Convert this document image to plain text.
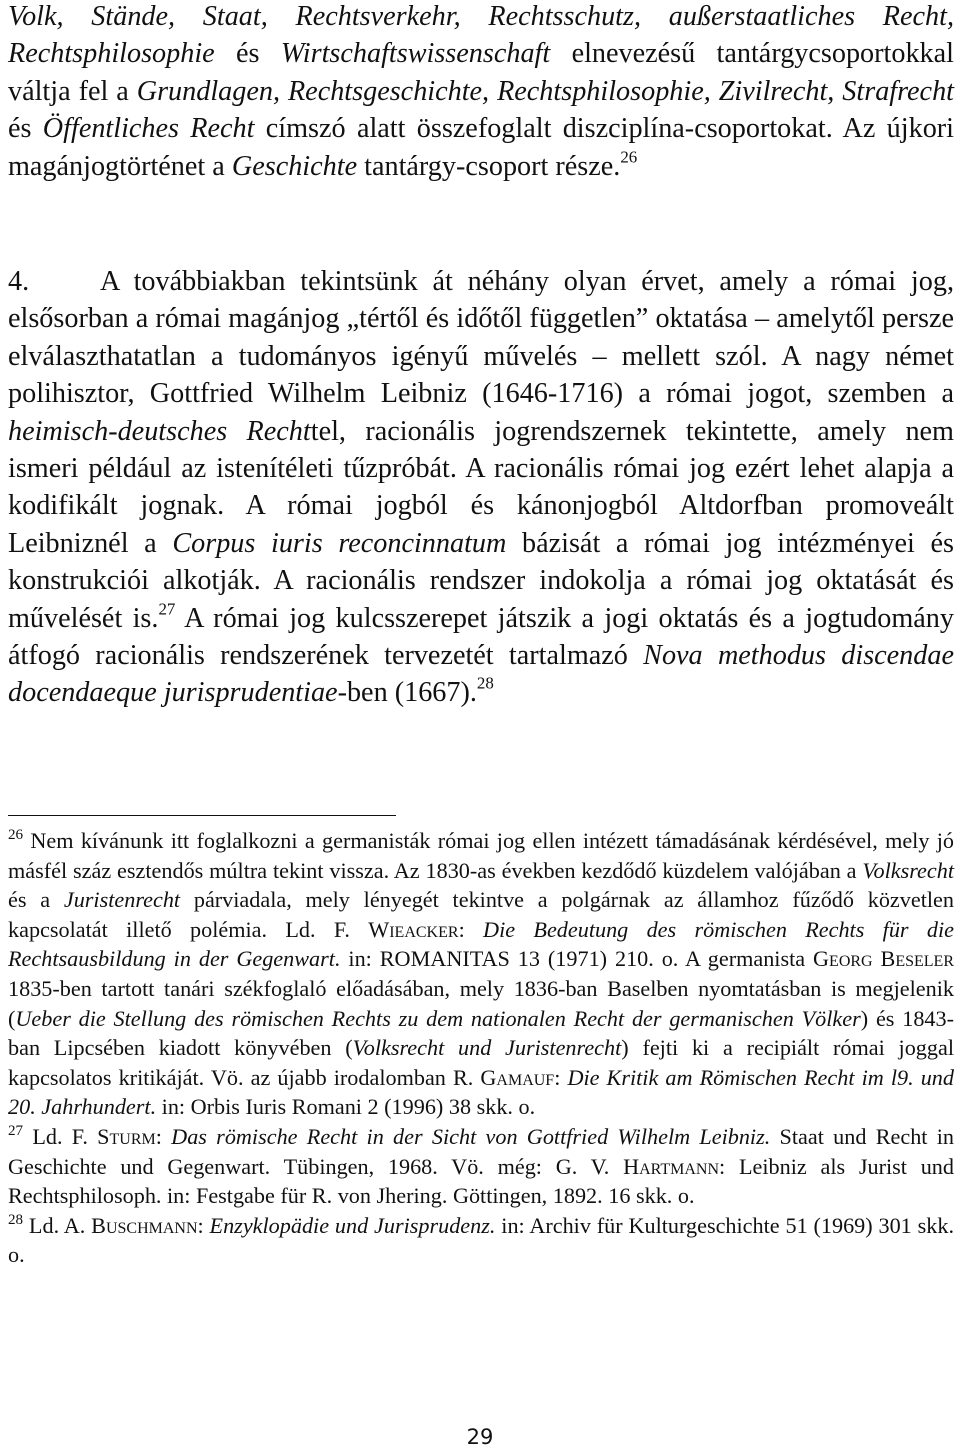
Volk, Stände, Staat, Rechtsverkehr, Rechtsschutz, außerstaatliches Recht, Rechtsphilosophie és Wirtschaftswissenschaft elnevezésű tantárgycsoportokkal váltja fel a Grundlagen, Rechtsgeschichte, Rechtsphilosophie, Zivilrecht, Strafrecht és Öffentliches Recht címszó alatt összefoglalt diszciplína-csoportokat. Az újkori magánjogtörténet a Geschichte tantárgy-csoport része.$^{26}$

4.	A továbbiakban tekintsünk át néhány olyan érvet, amely a római jog, elsősorban a római magánjog „tértől és időtől független” oktatása – amelytől persze elválaszthatatlan a tudományos igényű művelés – mellett szól. A nagy német polihisztor, Gottfried Wilhelm Leibniz (1646-1716) a római jogot, szemben a heimisch-deutsches Rechttel, racionális jogrendszernek tekintette, amely nem ismeri például az istenítéleti tűzpróbát. A racionális római jog ezért lehet alapja a kodifikált jognak. A római jogból és kánonjogból Altdorfban promoveált Leibniznél a Corpus iuris reconcinnatum bázisát a római jog intézményei és konstrukciói alkotják. A racionális rendszer indokolja a római jog oktatását és művelését is.$^{27}$ A római jog kulcsszerepet játszik a jogi oktatás és a jogtudomány átfogó racionális rendszerének tervezetét tartalmazó Nova methodus discendae docendaeque jurisprudentiae-ben (1667).$^{28}$

$^{26}$ Nem kívánunk itt foglalkozni a germanisták római jog ellen intézett támadásának kérdésével, mely jó másfél száz esztendős múltra tekint vissza. Az 1830-as években kezdődő küzdelem valójában a Volksrecht és a Juristenrecht párviadala, mely lényegét tekintve a polgárnak az államhoz fűződő közvetlen kapcsolatát illető polémia. Ld. F. Wieacker: Die Bedeutung des römischen Rechts für die Rechtsausbildung in der Gegenwart. in: ROMANITAS 13 (1971) 210. o. A germanista Georg Beseler 1835-ben tartott tanári székfoglaló előadásában, mely 1836-ban Baselben nyomtatásban is megjelenik (Ueber die Stellung des römischen Rechts zu dem nationalen Recht der germanischen Völker) és 1843-ban Lipcsében kiadott könyvében (Volksrecht und Juristenrecht) fejti ki a recipiált római joggal kapcsolatos kritikáját. Vö. az újabb irodalomban R. Gamauf: Die Kritik am Römischen Recht im l9. und 20. Jahrhundert. in: Orbis Iuris Romani 2 (1996) 38 skk. o.

$^{27}$ Ld. F. Sturm: Das römische Recht in der Sicht von Gottfried Wilhelm Leibniz. Staat und Recht in Geschichte und Gegenwart. Tübingen, 1968. Vö. még: G. V. Hartmann: Leibniz als Jurist und Rechtsphilosoph. in: Festgabe für R. von Jhering. Göttingen, 1892. 16 skk. o.

$^{28}$ Ld. A. Buschmann: Enzyklopädie und Jurisprudenz. in: Archiv für Kulturgeschichte 51 (1969) 301 skk. o.

29
